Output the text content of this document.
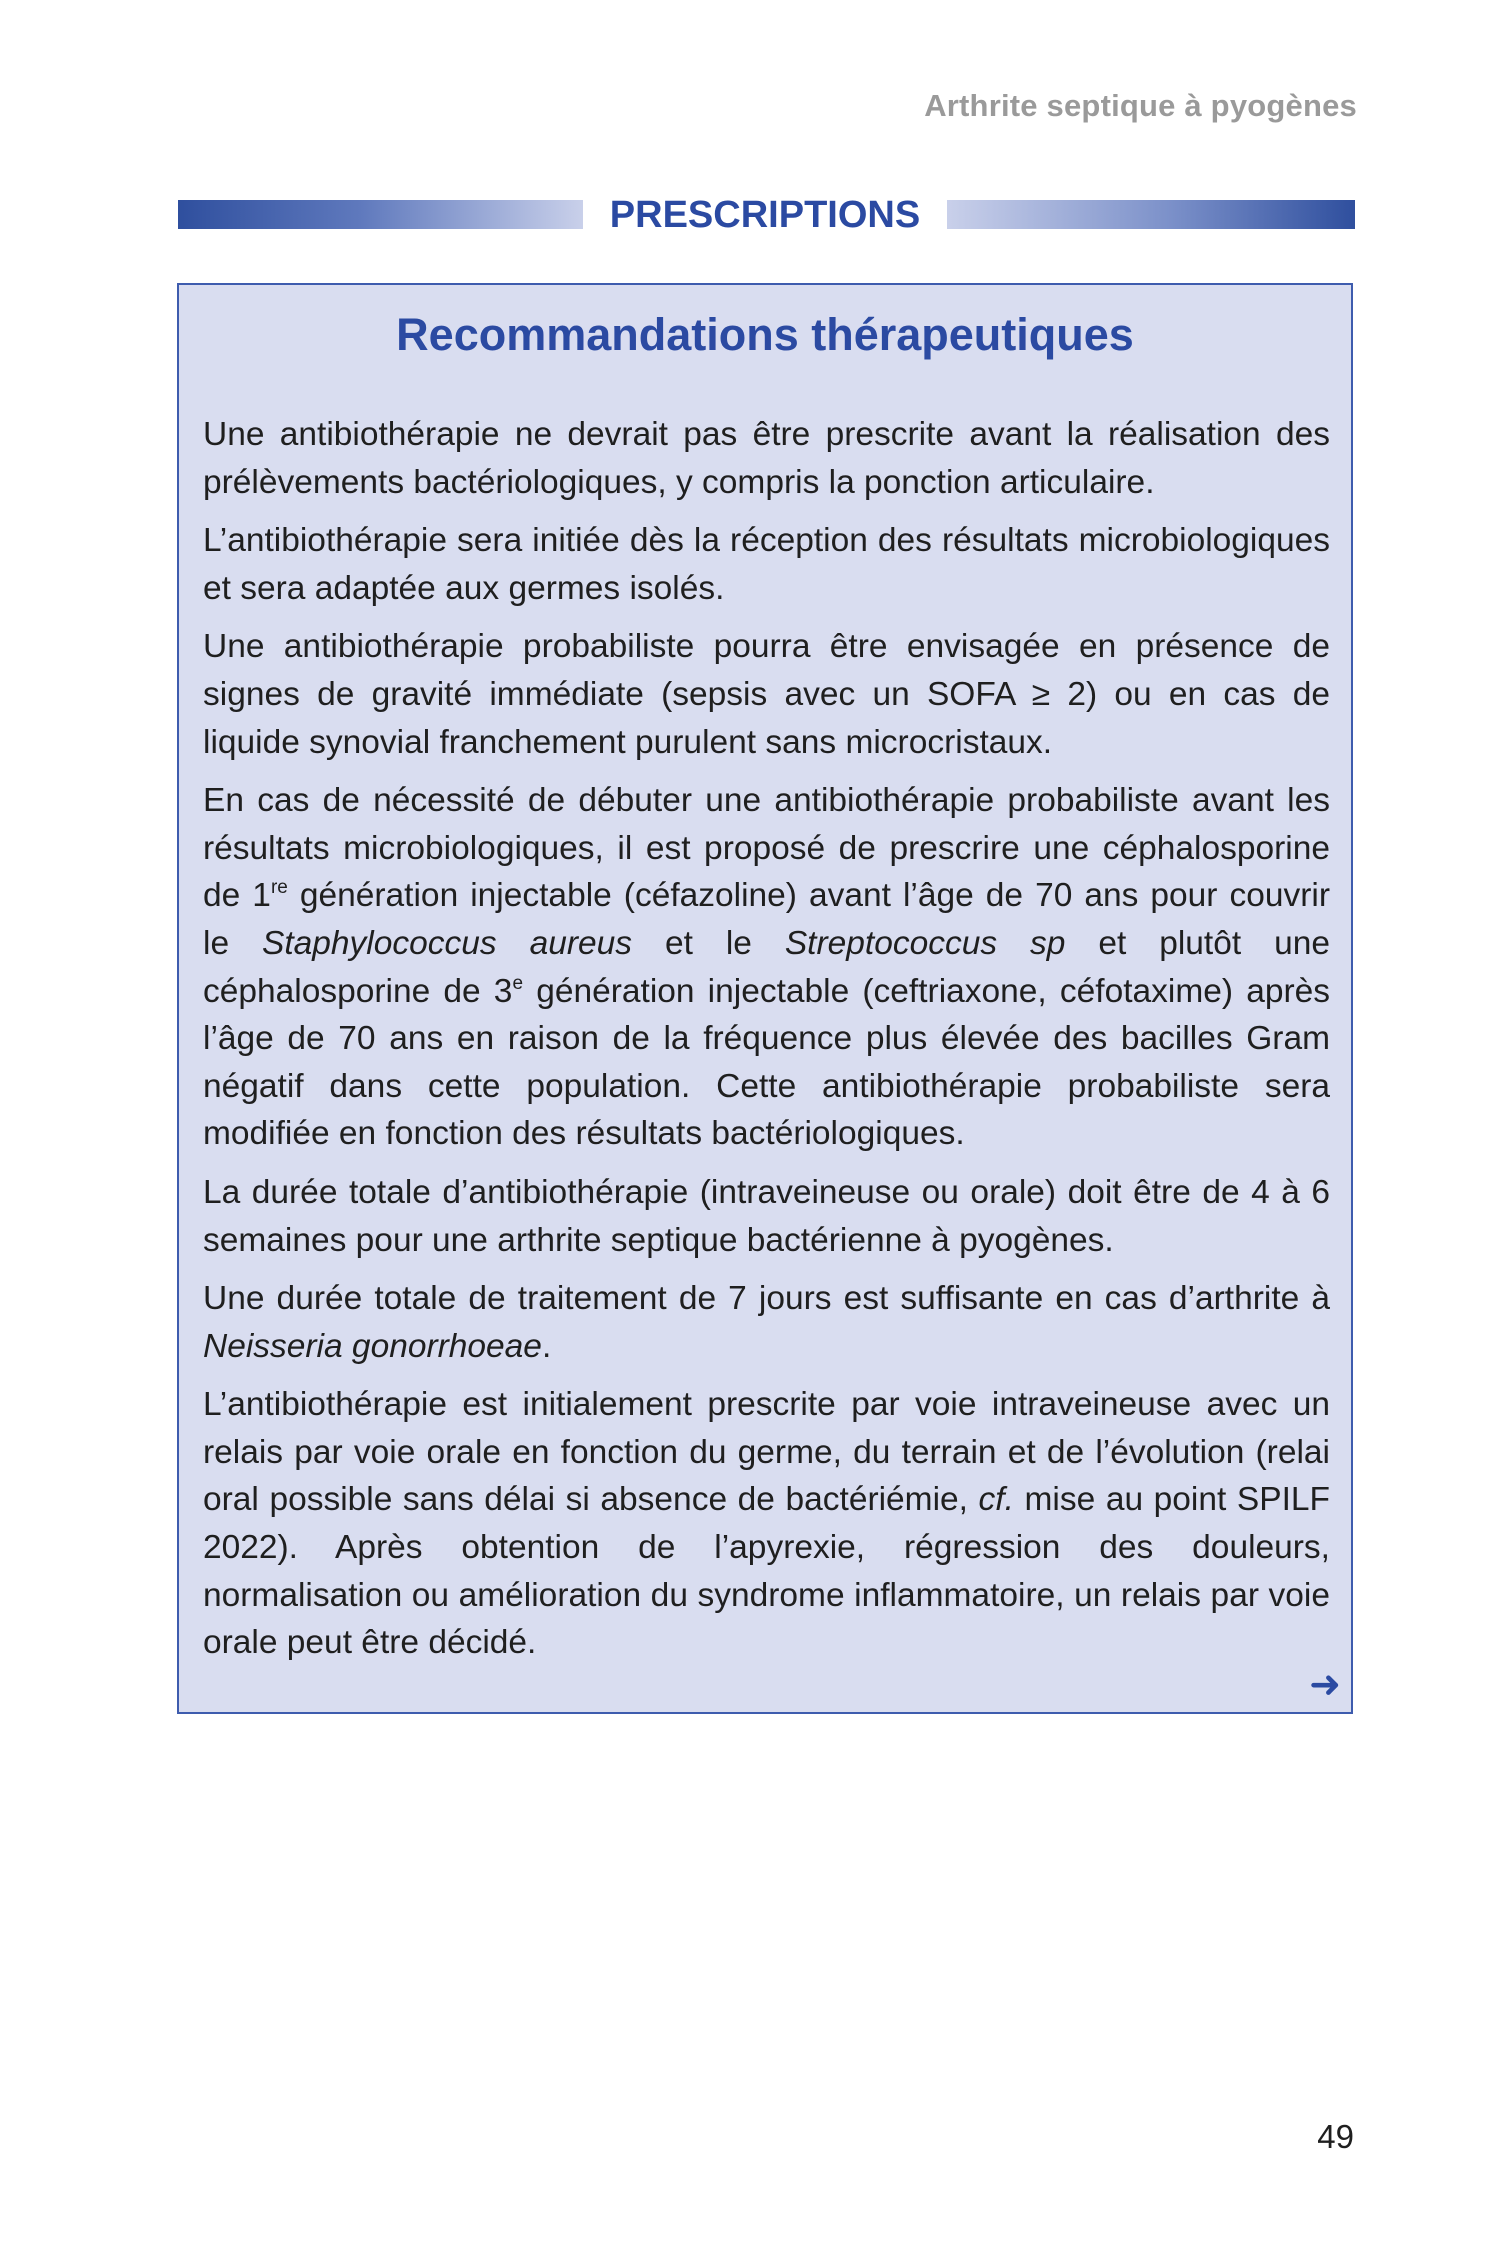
Arthrite septique à pyogènes
PRESCRIPTIONS
Recommandations thérapeutiques

Une antibiothérapie ne devrait pas être prescrite avant la réalisation des prélèvements bactériologiques, y compris la ponction articulaire.

L’antibiothérapie sera initiée dès la réception des résultats microbiologiques et sera adaptée aux germes isolés.

Une antibiothérapie probabiliste pourra être envisagée en présence de signes de gravité immédiate (sepsis avec un SOFA ≥ 2) ou en cas de liquide synovial franchement purulent sans microcristaux.

En cas de nécessité de débuter une antibiothérapie probabiliste avant les résultats microbiologiques, il est proposé de prescrire une céphalosporine de 1re génération injectable (céfazoline) avant l’âge de 70 ans pour couvrir le Staphylococcus aureus et le Streptococcus sp et plutôt une céphalosporine de 3e génération injectable (ceftriaxone, céfotaxime) après l’âge de 70 ans en raison de la fréquence plus élevée des bacilles Gram négatif dans cette population. Cette antibiothérapie probabiliste sera modifiée en fonction des résultats bactériologiques.

La durée totale d’antibiothérapie (intraveineuse ou orale) doit être de 4 à 6 semaines pour une arthrite septique bactérienne à pyogènes.

Une durée totale de traitement de 7 jours est suffisante en cas d’arthrite à Neisseria gonorrhoeae.

L’antibiothérapie est initialement prescrite par voie intraveineuse avec un relais par voie orale en fonction du germe, du terrain et de l’évolution (relai oral possible sans délai si absence de bactériémie, cf. mise au point SPILF 2022). Après obtention de l’apyrexie, régression des douleurs, normalisation ou amélioration du syndrome inflammatoire, un relais par voie orale peut être décidé.

➜
49
